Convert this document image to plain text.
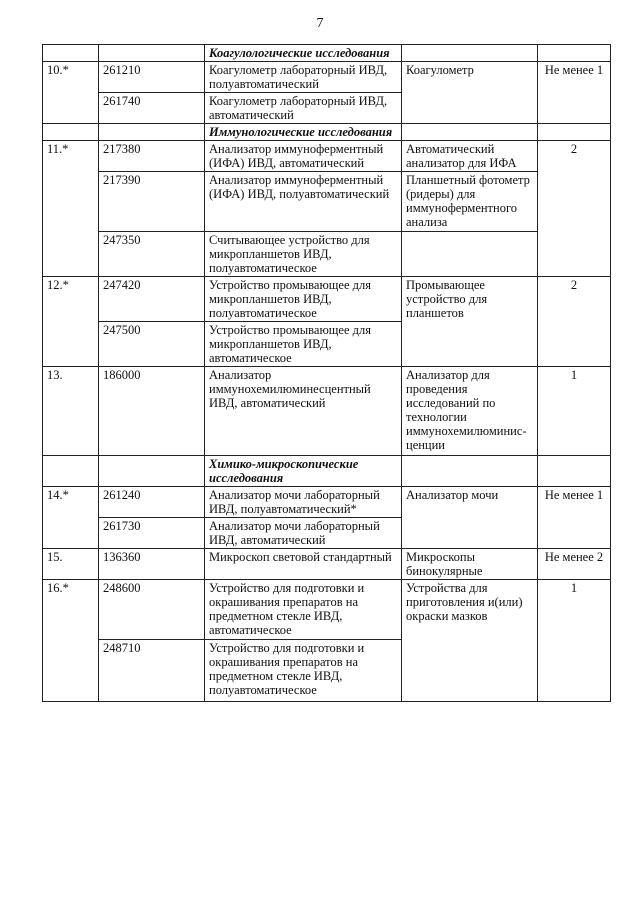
7
		Коагулологические исследования		
10.*	261210	Коагулометр лабораторный ИВД, полуавтоматический	Коагулометр	Не менее 1
	261740	Коагулометр лабораторный ИВД, автоматический		
		Иммунологические исследования		
11.*	217380	Анализатор иммуноферментный (ИФА) ИВД, автоматический	Автоматический анализатор для ИФА	2
	217390	Анализатор иммуноферментный (ИФА) ИВД, полуавтоматический	Планшетный фотометр (ридеры) для иммуноферментного анализа	
	247350	Считывающее устройство для микропланшетов ИВД, полуавтоматическое		
12.*	247420	Устройство промывающее для микропланшетов ИВД, полуавтоматическое	Промывающее устройство для планшетов	2
	247500	Устройство промывающее для микропланшетов ИВД, автоматическое		
13.	186000	Анализатор иммунохемилюминесцентный ИВД, автоматический	Анализатор для проведения исследований по технологии иммунохемилюминис-ценции	1
		Химико-микроскопические исследования		
14.*	261240	Анализатор мочи лабораторный ИВД, полуавтоматический*	Анализатор мочи	Не менее 1
	261730	Анализатор мочи лабораторный ИВД, автоматический		
15.	136360	Микроскоп световой стандартный	Микроскопы бинокулярные	Не менее 2
16.*	248600	Устройство для подготовки и окрашивания препаратов на предметном стекле ИВД, автоматическое	Устройства для приготовления и(или) окраски мазков	1
	248710	Устройство для подготовки и окрашивания препаратов на предметном стекле ИВД, полуавтоматическое		
